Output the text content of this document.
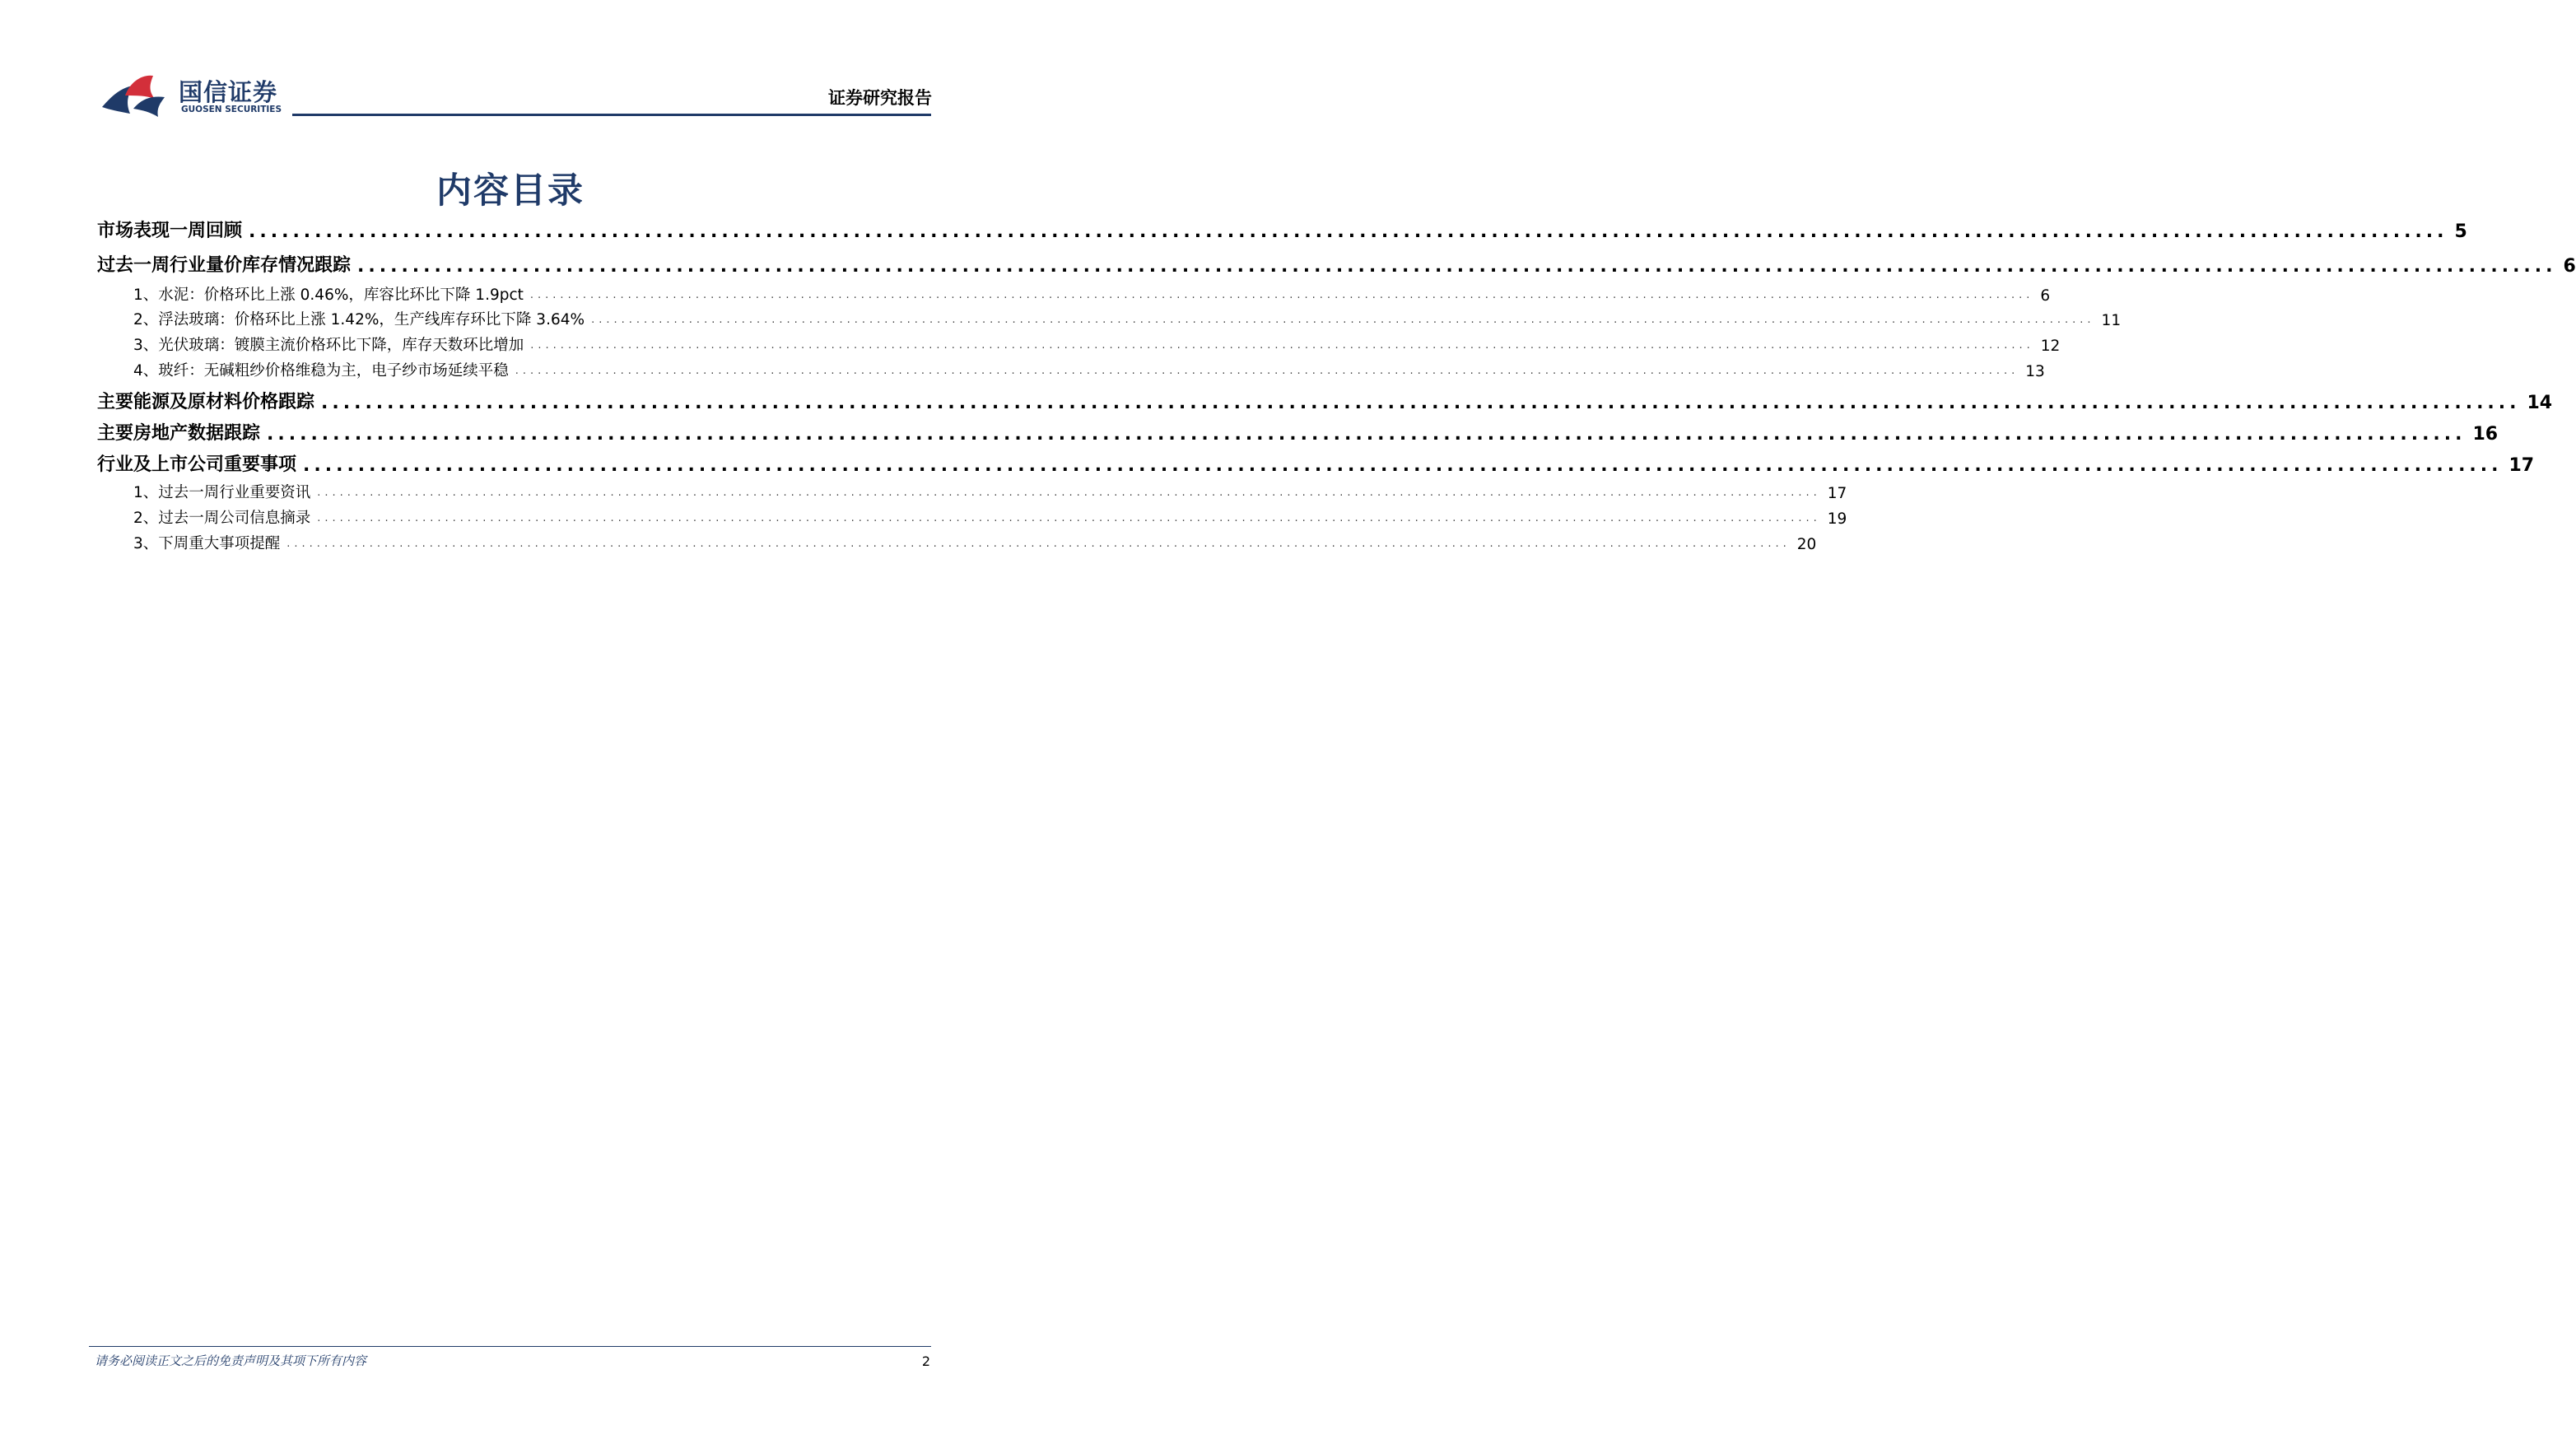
国信证券
GUOSEN SECURITIES
证券研究报告
内容目录
市场表现一周回顾 ........................................................................................................................................................................................................ 5
过去一周行业量价库存情况跟踪 ........................................................................................................................................................................................................ 6
1、水泥：价格环比上涨 0.46%，库容比环比下降 1.9pct ........................................................................................................................................................................................................ 6
2、浮法玻璃：价格环比上涨 1.42%，生产线库存环比下降 3.64% ........................................................................................................................................................................................................ 11
3、光伏玻璃：镀膜主流价格环比下降，库存天数环比增加 ........................................................................................................................................................................................................ 12
4、玻纤：无碱粗纱价格维稳为主，电子纱市场延续平稳 ........................................................................................................................................................................................................ 13
主要能源及原材料价格跟踪 ........................................................................................................................................................................................................ 14
主要房地产数据跟踪 ........................................................................................................................................................................................................ 16
行业及上市公司重要事项 ........................................................................................................................................................................................................ 17
1、过去一周行业重要资讯 ........................................................................................................................................................................................................ 17
2、过去一周公司信息摘录 ........................................................................................................................................................................................................ 19
3、下周重大事项提醒 ........................................................................................................................................................................................................ 20
请务必阅读正文之后的免责声明及其项下所有内容	2
